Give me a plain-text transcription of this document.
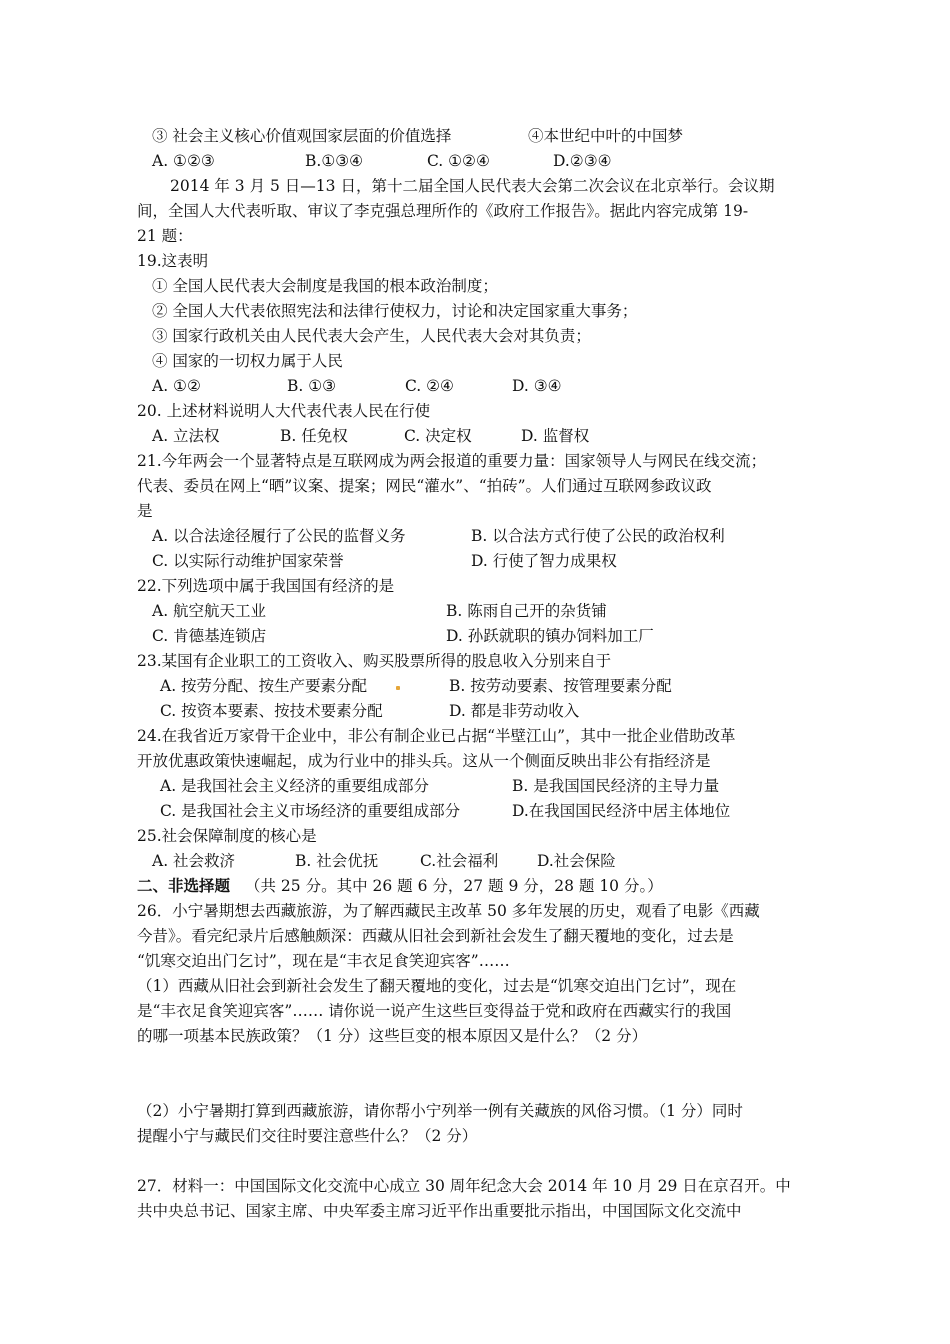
③ 社会主义核心价值观国家层面的价值选择	④本世纪中叶的中国梦
A. ①②③	B.①③④	C. ①②④	D.②③④
2014 年 3 月 5 日—13 日，第十二届全国人民代表大会第二次会议在北京举行。会议期
间，全国人大代表听取、审议了李克强总理所作的《政府工作报告》。据此内容完成第 19-
21 题：
19.这表明
① 全国人民代表大会制度是我国的根本政治制度；
② 全国人大代表依照宪法和法律行使权力，讨论和决定国家重大事务；
③ 国家行政机关由人民代表大会产生，人民代表大会对其负责；
④ 国家的一切权力属于人民
A. ①②	B. ①③	C. ②④	D. ③④
20. 上述材料说明人大代表代表人民在行使
A. 立法权	B. 任免权	C. 决定权	D. 监督权
21.今年两会一个显著特点是互联网成为两会报道的重要力量：国家领导人与网民在线交流；
代表、委员在网上“晒”议案、提案；网民“灌水”、“拍砖”。人们通过互联网参政议政
是
A. 以合法途径履行了公民的监督义务	B. 以合法方式行使了公民的政治权利
C. 以实际行动维护国家荣誉	D. 行使了智力成果权
22.下列选项中属于我国国有经济的是
A. 航空航天工业	B. 陈雨自己开的杂货铺
C. 肯德基连锁店	D. 孙跃就职的镇办饲料加工厂
23.某国有企业职工的工资收入、购买股票所得的股息收入分别来自于
A. 按劳分配、按生产要素分配	B. 按劳动要素、按管理要素分配
C. 按资本要素、按技术要素分配	D. 都是非劳动收入
24.在我省近万家骨干企业中，非公有制企业已占据“半壁江山”，其中一批企业借助改革
开放优惠政策快速崛起，成为行业中的排头兵。这从一个侧面反映出非公有指经济是
A. 是我国社会主义经济的重要组成部分	B. 是我国国民经济的主导力量
C. 是我国社会主义市场经济的重要组成部分	D.在我国国民经济中居主体地位
25.社会保障制度的核心是
A. 社会救济	B. 社会优抚	C.社会福利	D.社会保险
二、非选择题 （共 25 分。其中 26 题 6 分，27 题 9 分，28 题 10 分。）
26．小宁暑期想去西藏旅游，为了解西藏民主改革 50 多年发展的历史，观看了电影《西藏
今昔》。看完纪录片后感触颇深：西藏从旧社会到新社会发生了翻天覆地的变化，过去是
“饥寒交迫出门乞讨”，现在是“丰衣足食笑迎宾客”……
（1）西藏从旧社会到新社会发生了翻天覆地的变化，过去是“饥寒交迫出门乞讨”，现在
是“丰衣足食笑迎宾客”…… 请你说一说产生这些巨变得益于党和政府在西藏实行的我国
的哪一项基本民族政策？（1 分）这些巨变的根本原因又是什么？（2 分）
（2）小宁暑期打算到西藏旅游，请你帮小宁列举一例有关藏族的风俗习惯。（1 分）同时
提醒小宁与藏民们交往时要注意些什么？（2 分）
27．材料一：中国国际文化交流中心成立 30 周年纪念大会 2014 年 10 月 29 日在京召开。中
共中央总书记、国家主席、中央军委主席习近平作出重要批示指出，中国国际文化交流中
